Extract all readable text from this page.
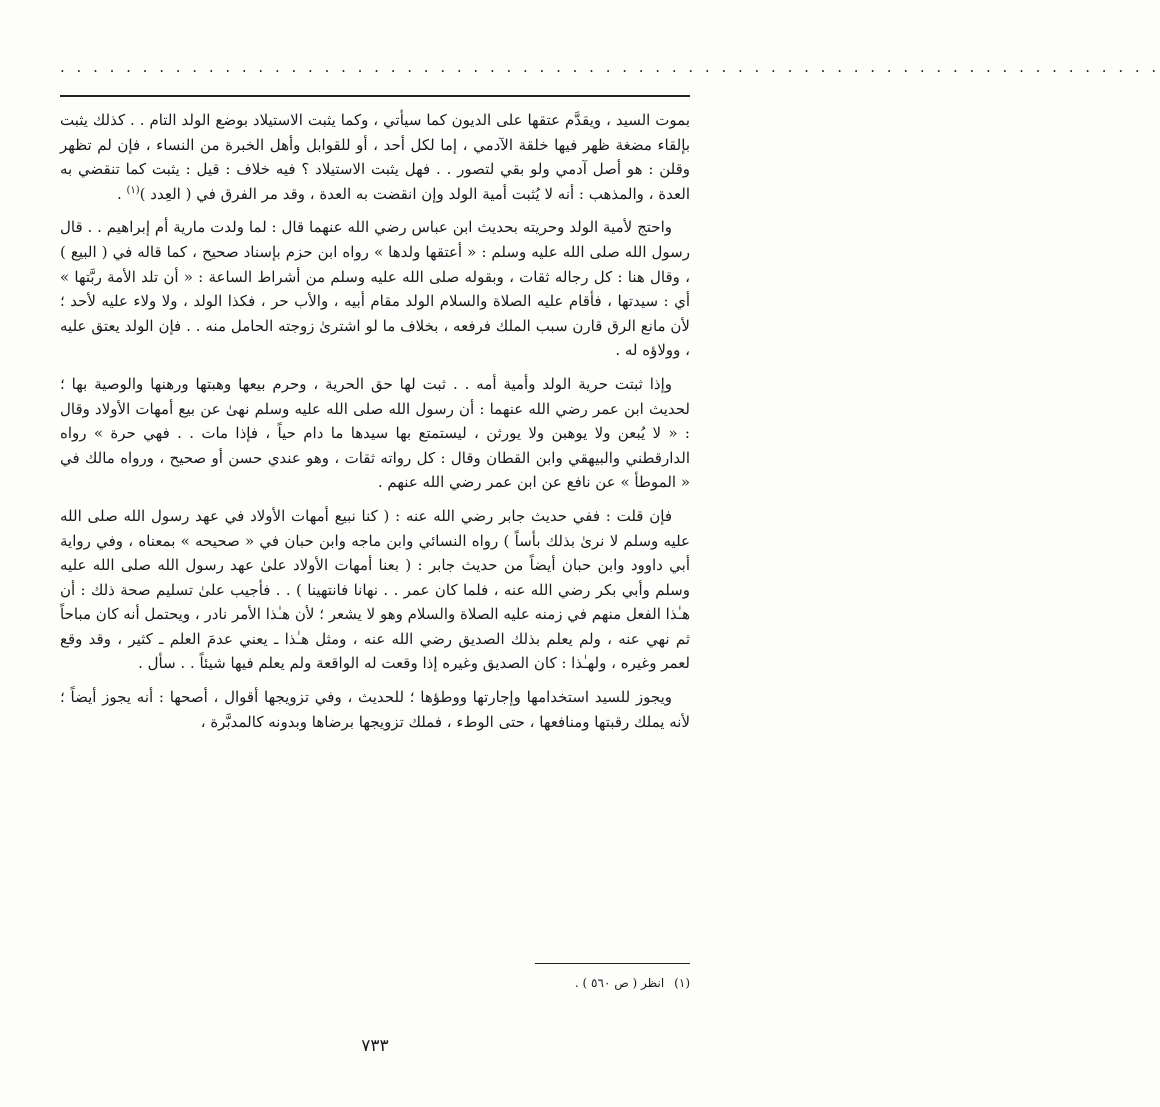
. . . . . . . . . . . . . . . . . . . . . . . . . . . . . . . . . . . . . . . . . . . . . . . . . . . . . . . . . . . . . . . . . . .

بموت السيد ، ويقدَّم عتقها على الديون كما سيأتي ، وكما يثبت الاستيلاد بوضع الولد التام . . كذلك يثبت بإلقاء مضغة ظهر فيها خلقة الآدمي ، إما لكل أحد ، أو للقوابل وأهل الخبرة من النساء ، فإن لم تظهر وقلن : هو أصل آدمي ولو بقي لتصور . . فهل يثبت الاستيلاد ؟ فيه خلاف : قيل : يثبت كما تنقضي به العدة ، والمذهب : أنه لا يُثبت أمية الولد وإن انقضت به العدة ، وقد مر الفرق في ( العِدد )$^{(١)}$ .

واحتج لأمية الولد وحريته بحديث ابن عباس رضي الله عنهما قال : لما ولدت مارية أم إبراهيم . . قال رسول الله صلى الله عليه وسلم : « أعتقها ولدها » رواه ابن حزم بإسناد صحيح ، كما قاله في ( البيع ) ، وقال هنا : كل رجاله ثقات ، وبقوله صلى الله عليه وسلم من أشراط الساعة : « أن تلد الأمة ربَّتها » أي : سيدتها ، فأقام عليه الصلاة والسلام الولد مقام أبيه ، والأب حر ، فكذا الولد ، ولا ولاء عليه لأحد ؛ لأن مانع الرق قارن سبب الملك فرفعه ، بخلاف ما لو اشترىٰ زوجته الحامل منه . . فإن الولد يعتق عليه ، وولاؤه له .

وإذا ثبتت حرية الولد وأمية أمه . . ثبت لها حق الحرية ، وحرم بيعها وهبتها ورهنها والوصية بها ؛ لحديث ابن عمر رضي الله عنهما : أن رسول الله صلى الله عليه وسلم نهىٰ عن بيع أمهات الأولاد وقال : « لا يُبعن ولا يوهبن ولا يورثن ، ليستمتع بها سيدها ما دام حياً ، فإذا مات . . فهي حرة » رواه الدارقطني والبيهقي وابن القطان وقال : كل رواته ثقات ، وهو عندي حسن أو صحيح ، ورواه مالك في « الموطأ » عن نافع عن ابن عمر رضي الله عنهم .

فإن قلت : ففي حديث جابر رضي الله عنه : ( كنا نبيع أمهات الأولاد في عهد رسول الله صلى الله عليه وسلم لا نرىٰ بذلك بأساً ) رواه النسائي وابن ماجه وابن حبان في « صحيحه » بمعناه ، وفي رواية أبي داوود وابن حبان أيضاً من حديث جابر : ( بعنا أمهات الأولاد علىٰ عهد رسول الله صلى الله عليه وسلم وأبي بكر رضي الله عنه ، فلما كان عمر . . نهانا فانتهينا ) . . فأجيب علىٰ تسليم صحة ذلك : أن هـٰذا الفعل منهم في زمنه عليه الصلاة والسلام وهو لا يشعر ؛ لأن هـٰذا الأمر نادر ، ويحتمل أنه كان مباحاً ثم نهي عنه ، ولم يعلم بذلك الصديق رضي الله عنه ، ومثل هـٰذا ـ يعني عدمَ العلم ـ كثير ، وقد وقع لعمر وغيره ، ولهـٰذا : كان الصديق وغيره إذا وقعت له الواقعة ولم يعلم فيها شيئاً . . سأل .

ويجوز للسيد استخدامها وإجارتها ووطؤها ؛ للحديث ، وفي تزويجها أقوال ، أصحها : أنه يجوز أيضاً ؛ لأنه يملك رقبتها ومنافعها ، حتى الوطء ، فملك تزويجها برضاها وبدونه كالمدبَّرة ،

(١)انظر ( ص ٥٦٠ ) .
٧٣٣
